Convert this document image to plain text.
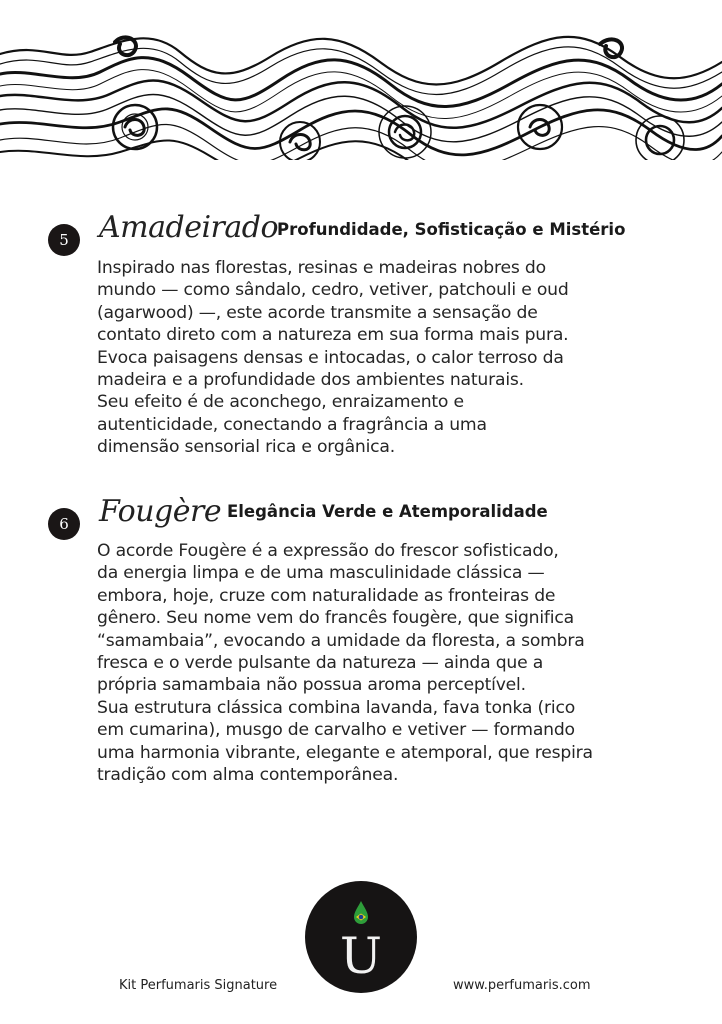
5	Amadeirado
Profundidade, Sofisticação e Mistério

Inspirado nas florestas, resinas e madeiras nobres do
mundo — como sândalo, cedro, vetiver, patchouli e oud
(agarwood) —, este acorde transmite a sensação de
contato direto com a natureza em sua forma mais pura.
Evoca paisagens densas e intocadas, o calor terroso da
madeira e a profundidade dos ambientes naturais.
Seu efeito é de aconchego, enraizamento e
autenticidade, conectando a fragrância a uma
dimensão sensorial rica e orgânica.

6	Fougère Elegância Verde e Atemporalidade

O acorde Fougère é a expressão do frescor sofisticado,
da energia limpa e de uma masculinidade clássica —
embora, hoje, cruze com naturalidade as fronteiras de
gênero. Seu nome vem do francês fougère, que significa
“samambaia”, evocando a umidade da floresta, a sombra
fresca e o verde pulsante da natureza — ainda que a
própria samambaia não possua aroma perceptível.
Sua estrutura clássica combina lavanda, fava tonka (rico
em cumarina), musgo de carvalho e vetiver — formando
uma harmonia vibrante, elegante e atemporal, que respira
tradição com alma contemporânea.

Kit Perfumaris Signature
U
www.perfumaris.com
